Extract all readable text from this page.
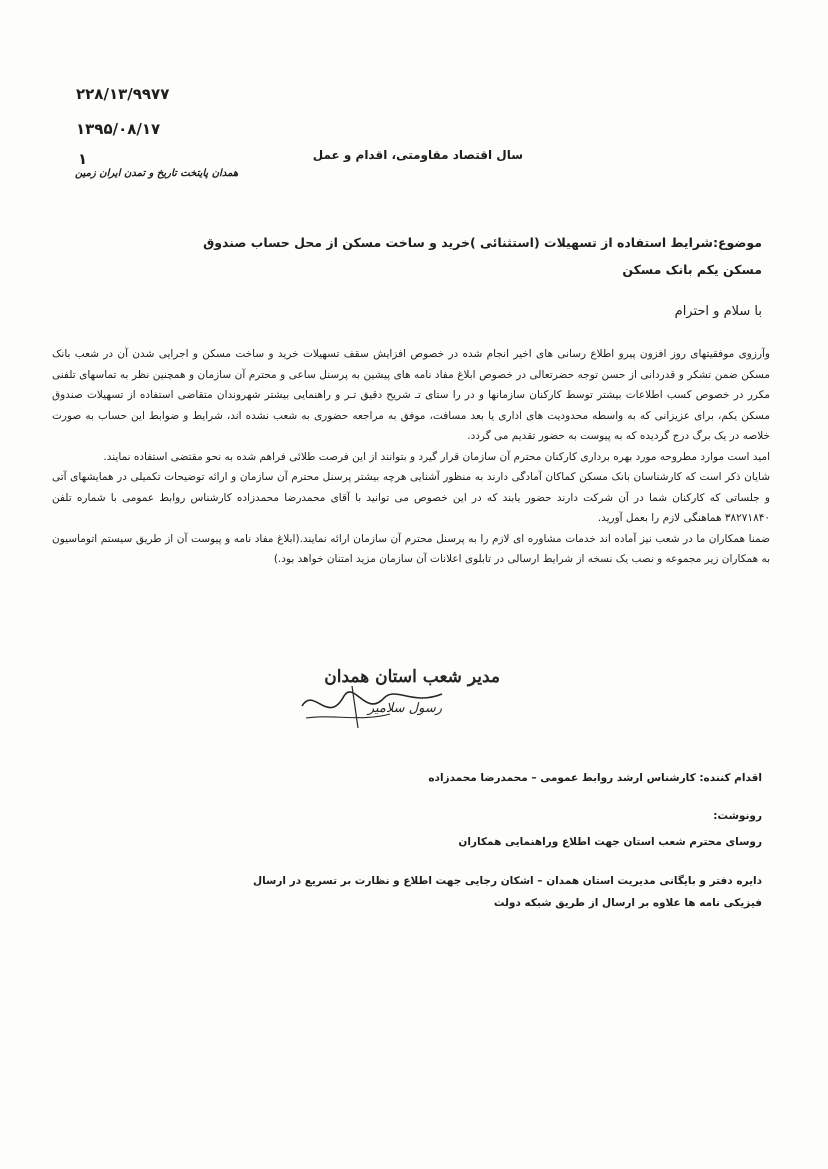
۲۲۸/۱۳/۹۹۷۷
۱۳۹۵/۰۸/۱۷
۱
همدان پایتخت تاریخ و تمدن ایران زمین
سال اقتصاد مقاومتی، اقدام و عمل
موضوع:شرایط استفاده از تسهیلات (استثنائی )خرید و ساخت مسکن از محل حساب صندوق
مسکن یکم بانک مسکن
با سلام و احترام

وآرزوی موفقیتهای روز افزون پیرو اطلاع رسانی های اخیر انجام شده در خصوص افزایش سقف تسهیلات خرید و ساخت مسکن و اجرایی شدن آن در شعب بانک مسکن ضمن تشکر و قدردانی از حسن توجه حضرتعالی در خصوص ابلاغ مفاد نامه های پیشین به پرسنل ساعی و محترم آن سازمان و همچنین نظر به تماسهای تلفنی مکرر در خصوص کسب اطلاعات بیشتر توسط کارکنان سازمانها و در را ستای تـ شریح دقیق تـر و راهنمایی بیشتر شهروندان متقاضی استفاده از تسهیلات صندوق مسکن یکم، برای عزیزانی که به واسطه محدودیت های اداری یا بعد مسافت، موفق به مراجعه حضوری به شعب نشده اند، شرایط و ضوابط این حساب به صورت خلاصه در یک برگ درج گردیده که به پیوست به حضور تقدیم می گردد.

امید است موارد مطروحه مورد بهره برداری کارکنان محترم آن سازمان قرار گیرد و بتوانند از این فرصت طلائی فراهم شده به نحو مقتضی استفاده نمایند.

شایان ذکر است که کارشناسان بانک مسکن کماکان آمادگی دارند به منظور آشنایی هرچه بیشتر پرسنل محترم آن سازمان و ارائه توضیحات تکمیلی در همایشهای آتی و جلساتی که کارکنان شما در آن شرکت دارند حضور یابند که در این خصوص می توانید با آقای محمدرضا محمدزاده کارشناس روابط عمومی با شماره تلفن ۳۸۲۷۱۸۴۰ هماهنگی لازم را بعمل آورید.

ضمنا همکاران ما در شعب نیز آماده اند خدمات مشاوره ای لازم را به پرسنل محترم آن سازمان ارائه نمایند.(ابلاغ مفاد نامه و پیوست آن از طریق سیستم اتوماسیون به همکاران زیر مجموعه و نصب یک نسخه از شرایط ارسالی در تابلوی اعلانات آن سازمان مزید امتنان خواهد بود.)

مدیر شعب استان همدان
رسول سلامیر
اقدام کننده: کارشناس ارشد روابط عمومی – محمدرضا محمدزاده
رونوشت:
روسای محترم شعب استان جهت اطلاع وراهنمایی همکاران
دایره دفتر و بایگانی مدیریت استان همدان – اشکان رجایی جهت اطلاع و نظارت بر تسریع در ارسال
فیزیکی نامه ها علاوه بر ارسال از طریق شبکه دولت
